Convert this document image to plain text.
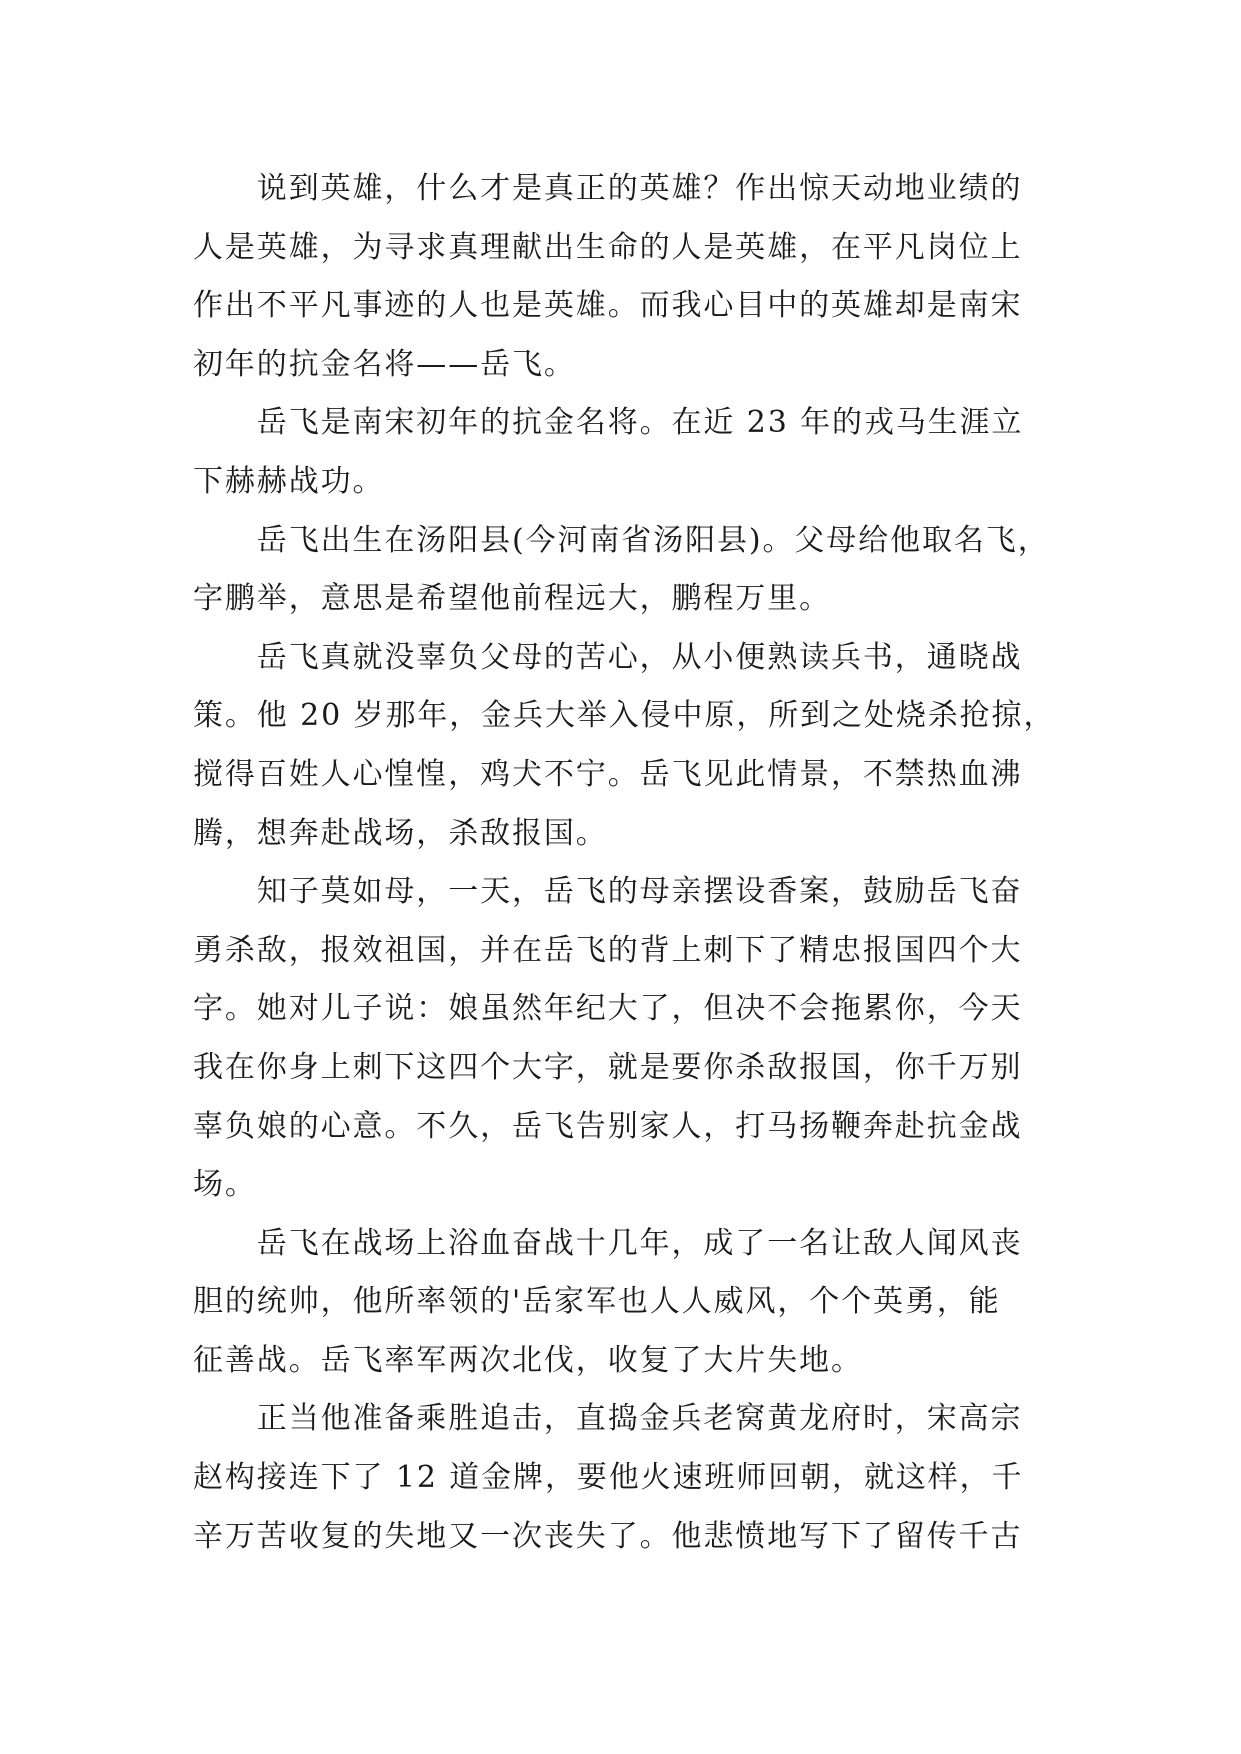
　　说到英雄，什么才是真正的英雄？作出惊天动地业绩的
人是英雄，为寻求真理献出生命的人是英雄，在平凡岗位上
作出不平凡事迹的人也是英雄。而我心目中的英雄却是南宋
初年的抗金名将——岳飞。
　　岳飞是南宋初年的抗金名将。在近 23 年的戎马生涯立
下赫赫战功。
　　岳飞出生在汤阳县(今河南省汤阳县)。父母给他取名飞，
字鹏举，意思是希望他前程远大，鹏程万里。
　　岳飞真就没辜负父母的苦心，从小便熟读兵书，通晓战
策。他 20 岁那年，金兵大举入侵中原，所到之处烧杀抢掠，
搅得百姓人心惶惶，鸡犬不宁。岳飞见此情景，不禁热血沸
腾，想奔赴战场，杀敌报国。
　　知子莫如母，一天，岳飞的母亲摆设香案，鼓励岳飞奋
勇杀敌，报效祖国，并在岳飞的背上刺下了精忠报国四个大
字。她对儿子说：娘虽然年纪大了，但决不会拖累你，今天
我在你身上刺下这四个大字，就是要你杀敌报国，你千万别
辜负娘的心意。不久，岳飞告别家人，打马扬鞭奔赴抗金战
场。
　　岳飞在战场上浴血奋战十几年，成了一名让敌人闻风丧
胆的统帅，他所率领的'岳家军也人人威风，个个英勇，能
征善战。岳飞率军两次北伐，收复了大片失地。
　　正当他准备乘胜追击，直捣金兵老窝黄龙府时，宋高宗
赵构接连下了 12 道金牌，要他火速班师回朝，就这样，千
辛万苦收复的失地又一次丧失了。他悲愤地写下了留传千古
